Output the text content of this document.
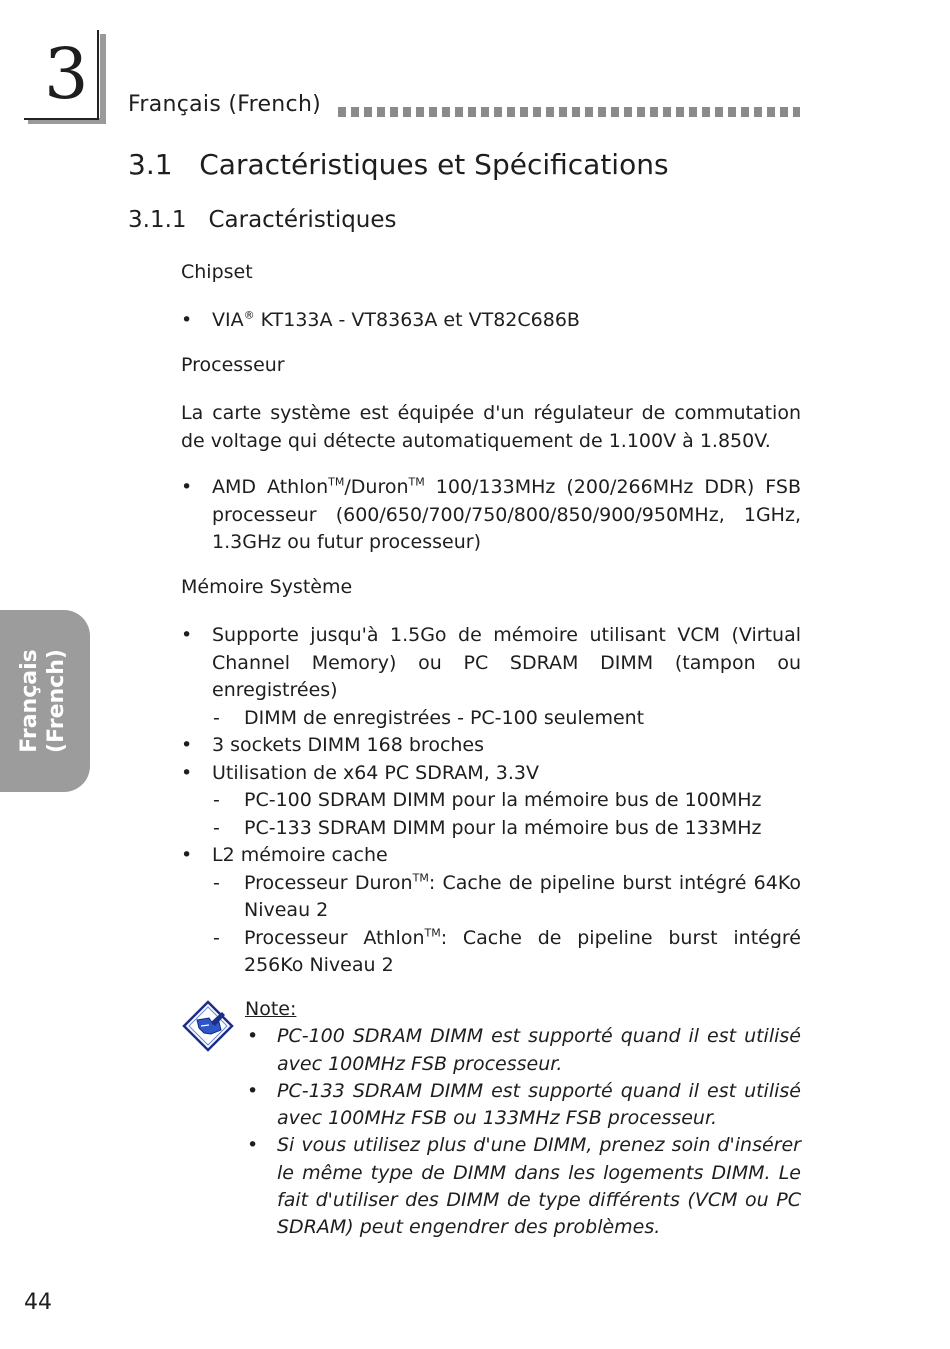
3 Français (French)
3.1   Caractéristiques et Spécifications
3.1.1   Caractéristiques
Chipset
• VIA® KT133A - VT8363A et VT82C686B
Processeur
La carte système est équipée d'un régulateur de commutation de voltage qui détecte automatiquement de 1.100V à 1.850V.
• AMD Athlon™/Duron™ 100/133MHz (200/266MHz DDR) FSB processeur (600/650/700/750/800/850/900/950MHz, 1GHz, 1.3GHz ou futur processeur)
Mémoire Système
• Supporte jusqu'à 1.5Go de mémoire utilisant VCM (Virtual Channel Memory) ou PC SDRAM DIMM (tampon ou enregistrées)
- DIMM de enregistrées - PC-100 seulement
• 3 sockets DIMM 168 broches
• Utilisation de x64 PC SDRAM, 3.3V
- PC-100 SDRAM DIMM pour la mémoire bus de 100MHz
- PC-133 SDRAM DIMM pour la mémoire bus de 133MHz
• L2 mémoire cache
- Processeur Duron™: Cache de pipeline burst intégré 64Ko Niveau 2
- Processeur Athlon™: Cache de pipeline burst intégré 256Ko Niveau 2
Note:
• PC-100 SDRAM DIMM est supporté quand il est utilisé avec 100MHz FSB processeur.
• PC-133 SDRAM DIMM est supporté quand il est utilisé avec 100MHz FSB ou 133MHz FSB processeur.
• Si vous utilisez plus d'une DIMM, prenez soin d'insérer le même type de DIMM dans les logements DIMM. Le fait d'utiliser des DIMM de type différents (VCM ou PC SDRAM) peut engendrer des problèmes.
Français (French)
44
